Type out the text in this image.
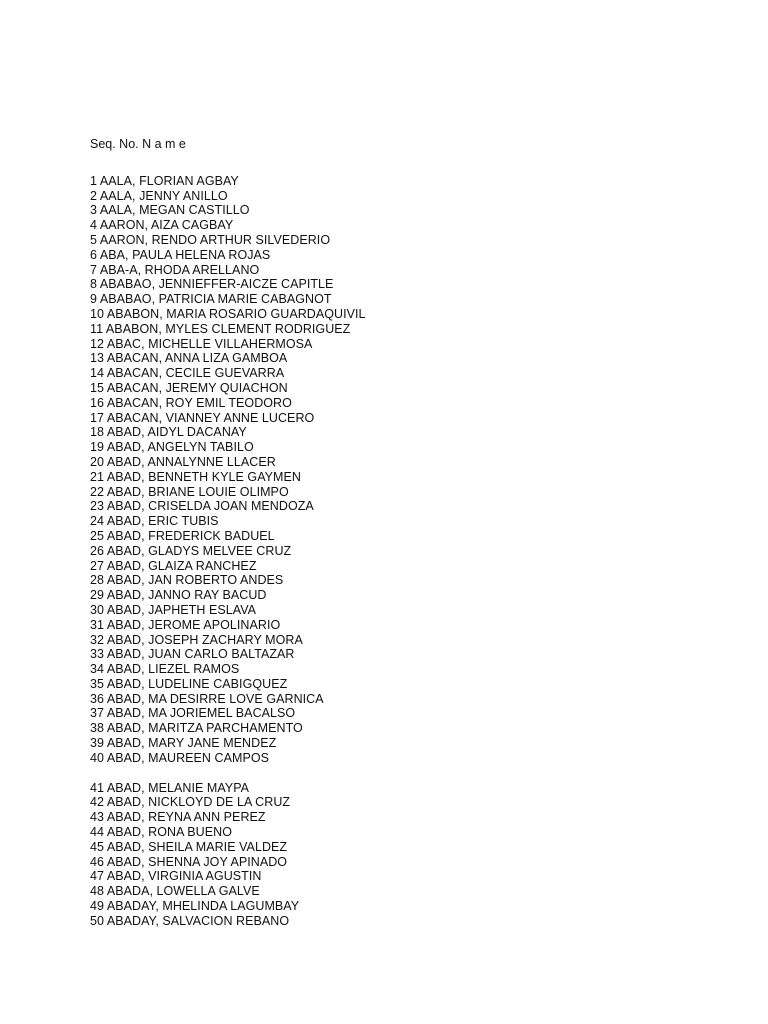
Seq. No. N a m e
1 AALA, FLORIAN AGBAY
2 AALA, JENNY ANILLO
3 AALA, MEGAN CASTILLO
4 AARON, AIZA CAGBAY
5 AARON, RENDO ARTHUR SILVEDERIO
6 ABA, PAULA HELENA ROJAS
7 ABA-A, RHODA ARELLANO
8 ABABAO, JENNIEFFER-AICZE CAPITLE
9 ABABAO, PATRICIA MARIE CABAGNOT
10 ABABON, MARIA ROSARIO GUARDAQUIVIL
11 ABABON, MYLES CLEMENT RODRIGUEZ
12 ABAC, MICHELLE VILLAHERMOSA
13 ABACAN, ANNA LIZA GAMBOA
14 ABACAN, CECILE GUEVARRA
15 ABACAN, JEREMY QUIACHON
16 ABACAN, ROY EMIL TEODORO
17 ABACAN, VIANNEY ANNE LUCERO
18 ABAD, AIDYL DACANAY
19 ABAD, ANGELYN TABILO
20 ABAD, ANNALYNNE LLACER
21 ABAD, BENNETH KYLE GAYMEN
22 ABAD, BRIANE LOUIE OLIMPO
23 ABAD, CRISELDA JOAN MENDOZA
24 ABAD, ERIC TUBIS
25 ABAD, FREDERICK BADUEL
26 ABAD, GLADYS MELVEE CRUZ
27 ABAD, GLAIZA RANCHEZ
28 ABAD, JAN ROBERTO ANDES
29 ABAD, JANNO RAY BACUD
30 ABAD, JAPHETH ESLAVA
31 ABAD, JEROME APOLINARIO
32 ABAD, JOSEPH ZACHARY MORA
33 ABAD, JUAN CARLO BALTAZAR
34 ABAD, LIEZEL RAMOS
35 ABAD, LUDELINE CABIGQUEZ
36 ABAD, MA DESIRRE LOVE GARNICA
37 ABAD, MA JORIEMEL BACALSO
38 ABAD, MARITZA PARCHAMENTO
39 ABAD, MARY JANE MENDEZ
40 ABAD, MAUREEN CAMPOS
41 ABAD, MELANIE MAYPA
42 ABAD, NICKLOYD DE LA CRUZ
43 ABAD, REYNA ANN PEREZ
44 ABAD, RONA BUENO
45 ABAD, SHEILA MARIE VALDEZ
46 ABAD, SHENNA JOY APINADO
47 ABAD, VIRGINIA AGUSTIN
48 ABADA, LOWELLA GALVE
49 ABADAY, MHELINDA LAGUMBAY
50 ABADAY, SALVACION REBANO
